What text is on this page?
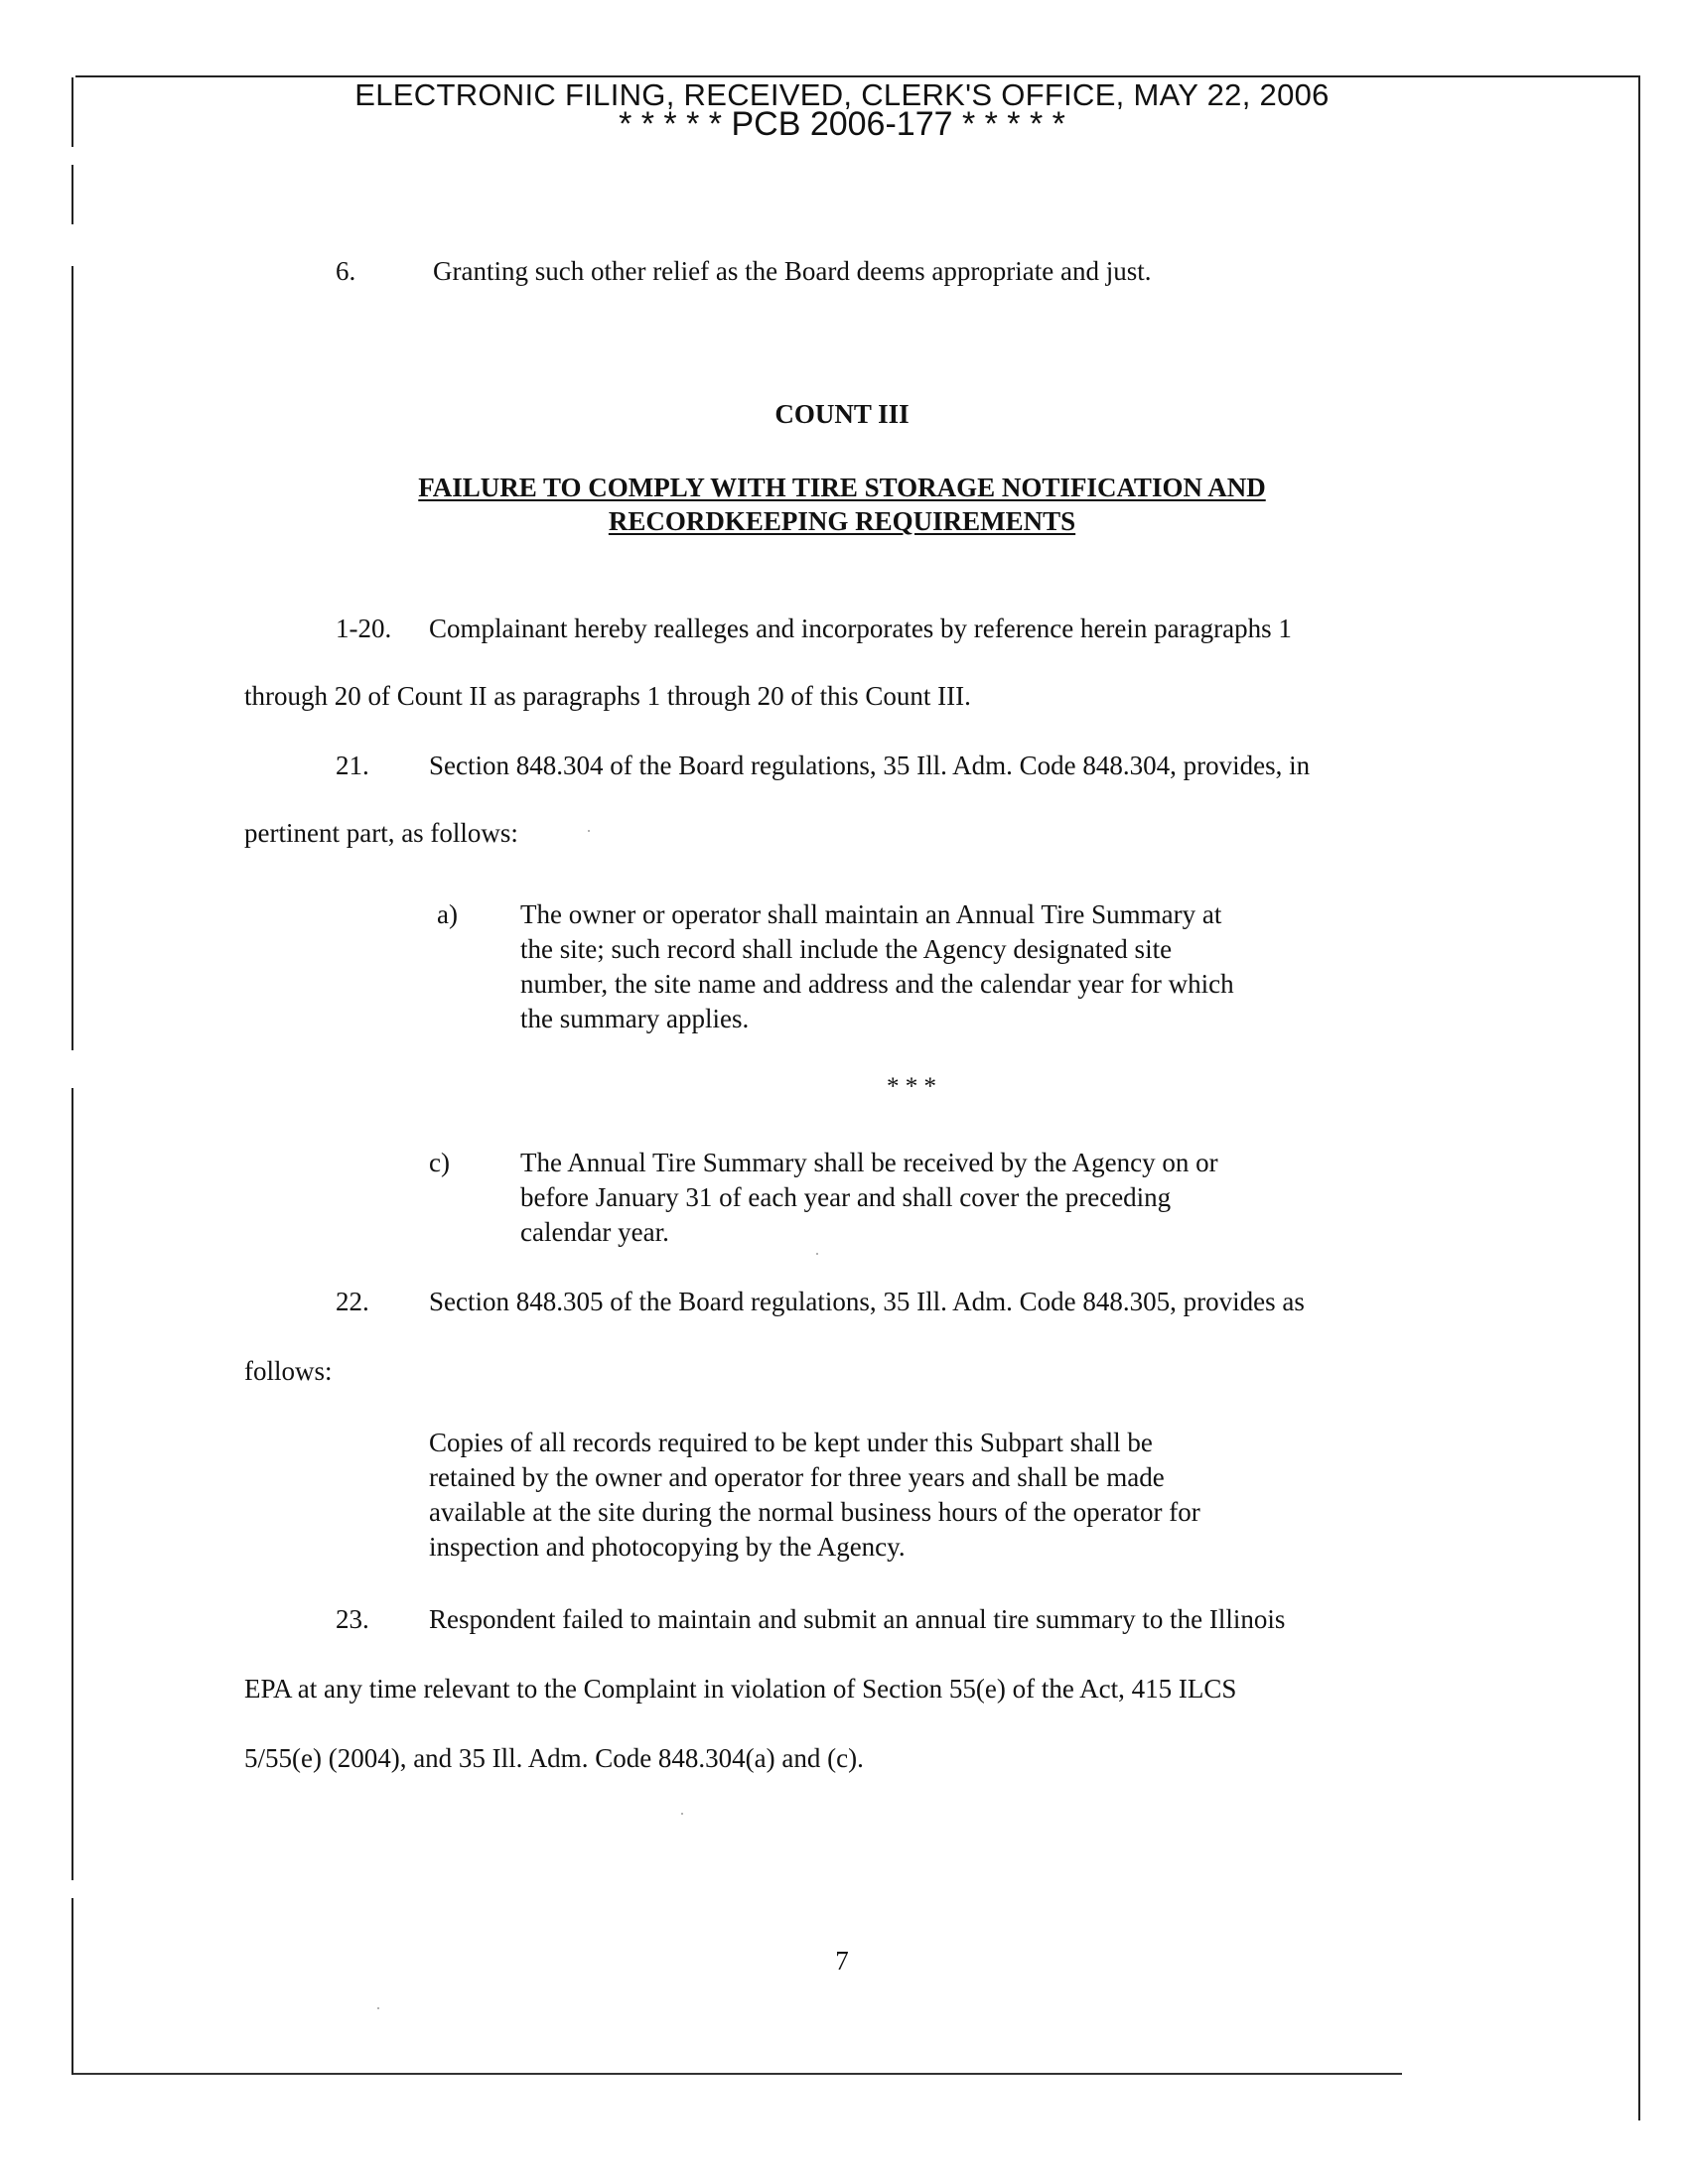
ELECTRONIC FILING, RECEIVED, CLERK'S OFFICE, MAY 22, 2006
* * * * * PCB 2006-177 * * * * *
6.	Granting such other relief as the Board deems appropriate and just.
COUNT III
FAILURE TO COMPLY WITH TIRE STORAGE NOTIFICATION AND
RECORDKEEPING REQUIREMENTS
1-20. Complainant hereby realleges and incorporates by reference herein paragraphs 1
through 20 of Count II as paragraphs 1 through 20 of this Count III.
21. Section 848.304 of the Board regulations, 35 Ill. Adm. Code 848.304, provides, in
pertinent part, as follows:
a) The owner or operator shall maintain an Annual Tire Summary at
the site; such record shall include the Agency designated site
number, the site name and address and the calendar year for which
the summary applies.
* * *
c)	The Annual Tire Summary shall be received by the Agency on or
before January 31 of each year and shall cover the preceding
calendar year.
22. Section 848.305 of the Board regulations, 35 Ill. Adm. Code 848.305, provides as
follows:
Copies of all records required to be kept under this Subpart shall be
retained by the owner and operator for three years and shall be made
available at the site during the normal business hours of the operator for
inspection and photocopying by the Agency.
23. Respondent failed to maintain and submit an annual tire summary to the Illinois
EPA at any time relevant to the Complaint in violation of Section 55(e) of the Act, 415 ILCS
5/55(e) (2004), and 35 Ill. Adm. Code 848.304(a) and (c).
7
